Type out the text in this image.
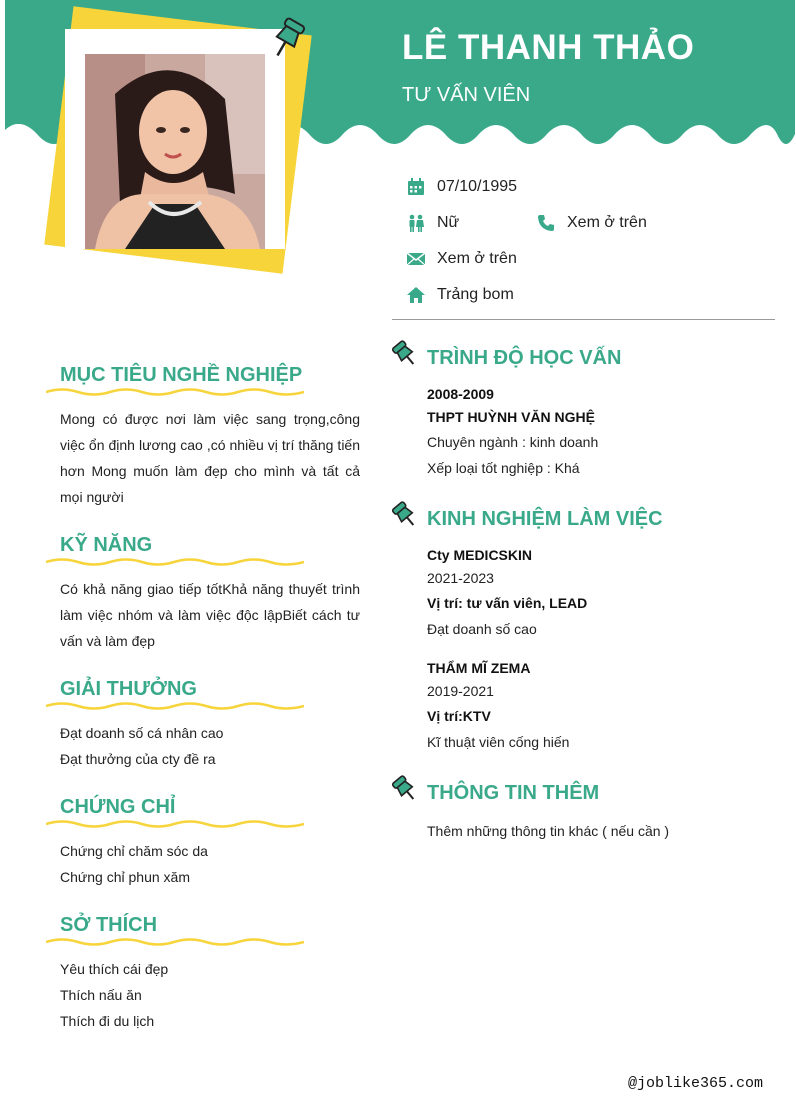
LÊ THANH THẢO
TƯ VẤN VIÊN
07/10/1995
Nữ	Xem ở trên
Xem ở trên
Trảng bom
MỤC TIÊU NGHỀ NGHIỆP
Mong có được nơi làm việc sang trọng,công việc ổn định lương cao ,có nhiều vị trí thăng tiến hơn Mong muốn làm đẹp cho mình và tất cả mọi người
KỸ NĂNG
Có khả năng giao tiếp tốtKhả năng thuyết trình làm việc nhóm và làm việc độc lậpBiết cách tư vấn và làm đẹp
GIẢI THƯỞNG
Đạt doanh số cá nhân cao
Đạt thưởng của cty đề ra
CHỨNG CHỈ
Chứng chỉ chăm sóc da
Chứng chỉ phun xăm
SỞ THÍCH
Yêu thích cái đẹp
Thích nấu ăn
Thích đi du lịch
TRÌNH ĐỘ HỌC VẤN
2008-2009
THPT HUỲNH VĂN NGHỆ
Chuyên ngành : kinh doanh
Xếp loại tốt nghiệp : Khá
KINH NGHIỆM LÀM VIỆC
Cty MEDICSKIN
2021-2023
Vị trí: tư vấn viên, LEAD
Đạt doanh số cao
THẨM MĨ ZEMA
2019-2021
Vị trí:KTV
Kĩ thuật viên cống hiến
THÔNG TIN THÊM
Thêm những thông tin khác ( nếu cần )
@joblike365.com
